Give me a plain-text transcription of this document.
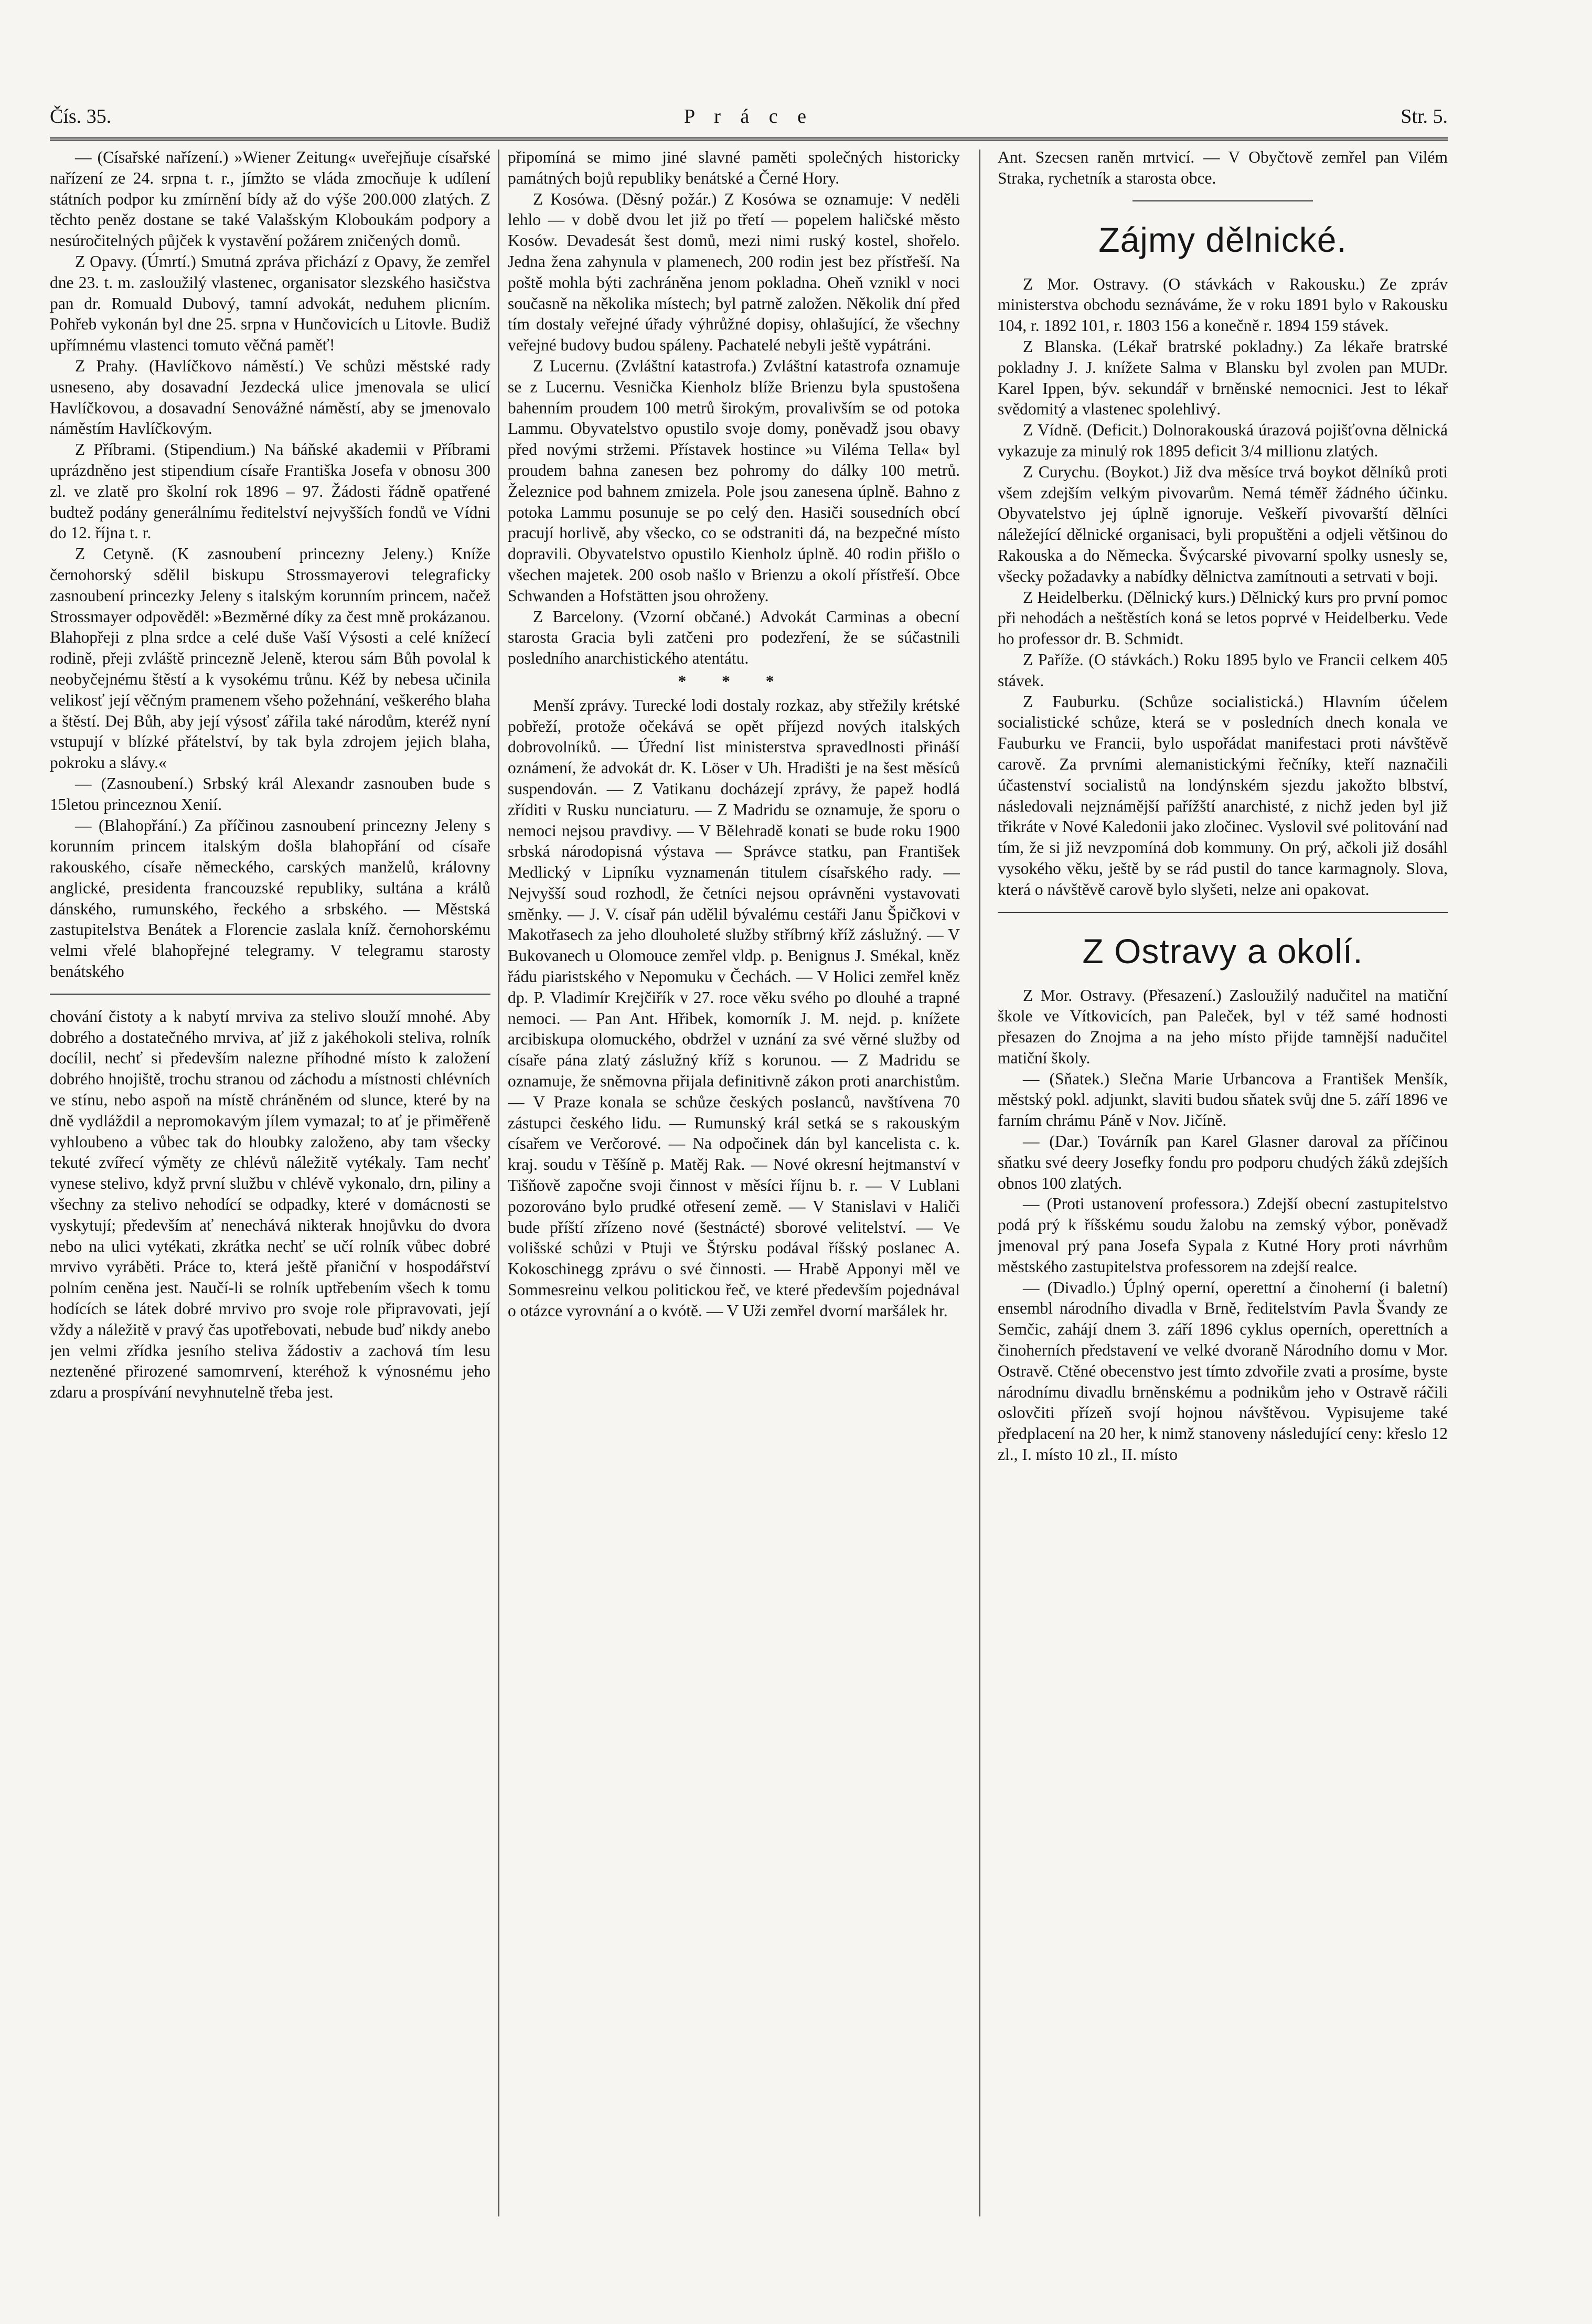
Čís. 35.	P r á c e	Str. 5.

— (Císařské nařízení.) »Wiener Zeitung« uveřejňuje císařské nařízení ze 24. srpna t. r., jímžto se vláda zmocňuje k udílení státních podpor ku zmírnění bídy až do výše 200.000 zlatých. Z těchto peněz dostane se také Valašským Kloboukám podpory a nesúročitelných půjček k vystavění požárem zničených domů.

Z Opavy. (Úmrtí.) Smutná zpráva přichází z Opavy, že zemřel dne 23. t. m. zasloužilý vlastenec, organisator slezského hasičstva pan dr. Romuald Dubový, tamní advokát, neduhem plicním. Pohřeb vykonán byl dne 25. srpna v Hunčovicích u Litovle. Budiž upřímnému vlastenci tomuto věčná paměť!

Z Prahy. (Havlíčkovo náměstí.) Ve schůzi městské rady usneseno, aby dosavadní Jezdecká ulice jmenovala se ulicí Havlíčkovou, a dosavadní Senovážné náměstí, aby se jmenovalo náměstím Havlíčkovým.

Z Příbrami. (Stipendium.) Na báňské akademii v Příbrami uprázdněno jest stipendium císaře Františka Josefa v obnosu 300 zl. ve zlatě pro školní rok 1896 – 97. Žádosti řádně opatřené budtež podány generálnímu ředitelství nejvyšších fondů ve Vídni do 12. října t. r.

Z Cetyně. (K zasnoubení princezny Jeleny.) Kníže černohorský sdělil biskupu Strossmayerovi telegraficky zasnoubení princezky Jeleny s italským korunním princem, načež Strossmayer odpověděl: »Bezměrné díky za čest mně prokázanou. Blahopřeji z plna srdce a celé duše Vaší Výsosti a celé knížecí rodině, přeji zvláště princezně Jeleně, kterou sám Bůh povolal k neobyčejnému štěstí a k vysokému trůnu. Kéž by nebesa učinila velikosť její věčným pramenem všeho požehnání, veškerého blaha a štěstí. Dej Bůh, aby její výsosť zářila také národům, kteréž nyní vstupují v blízké přátelství, by tak byla zdrojem jejich blaha, pokroku a slávy.«

— (Zasnoubení.) Srbský král Alexandr zasnouben bude s 15letou princeznou Xenií.

— (Blahopřání.) Za příčinou zasnoubení princezny Jeleny s korunním princem italským došla blahopřání od císaře rakouského, císaře německého, carských manželů, královny anglické, presidenta francouzské republiky, sultána a králů dánského, rumunského, řeckého a srbského. — Městská zastupitelstva Benátek a Florencie zaslala kníž. černohorskému velmi vřelé blahopřejné telegramy. V telegramu starosty benátského

chování čistoty a k nabytí mrviva za stelivo slouží mnohé. Aby dobrého a dostatečného mrviva, ať již z jakéhokoli steliva, rolník docílil, nechť si především nalezne příhodné místo k založení dobrého hnojiště, trochu stranou od záchodu a místnosti chlévních ve stínu, nebo aspoň na místě chráněném od slunce, které by na dně vydláždil a nepromokavým jílem vymazal; to ať je přiměřeně vyhloubeno a vůbec tak do hloubky založeno, aby tam všecky tekuté zvířecí výměty ze chlévů náležitě vytékaly. Tam nechť vynese stelivo, když první službu v chlévě vykonalo, drn, piliny a všechny za stelivo nehodící se odpadky, které v domácnosti se vyskytují; především ať nenechává nikterak hnojůvku do dvora nebo na ulici vytékati, zkrátka nechť se učí rolník vůbec dobré mrvivo vyráběti. Práce to, která ještě přaniční v hospodářství polním ceněna jest. Naučí-li se rolník uptřebením všech k tomu hodících se látek dobré mrvivo pro svoje role připravovati, její vždy a náležitě v pravý čas upotřebovati, nebude buď nikdy anebo jen velmi zřídka jesního steliva žádostiv a zachová tím lesu nezteněné přirozené samomrvení, kteréhož k výnosnému jeho zdaru a prospívání nevyhnutelně třeba jest.

připomíná se mimo jiné slavné paměti společných historicky památných bojů republiky benátské a Černé Hory.

Z Kosówa. (Děsný požár.) Z Kosówa se oznamuje: V neděli lehlo — v době dvou let již po třetí — popelem haličské město Kosów. Devadesát šest domů, mezi nimi ruský kostel, shořelo. Jedna žena zahynula v plamenech, 200 rodin jest bez přístřeší. Na poště mohla býti zachráněna jenom pokladna. Oheň vznikl v noci současně na několika místech; byl patrně založen. Několik dní před tím dostaly veřejné úřady výhrůžné dopisy, ohlašující, že všechny veřejné budovy budou spáleny. Pachatelé nebyli ještě vypátráni.

Z Lucernu. (Zvláštní katastrofa.) Zvláštní katastrofa oznamuje se z Lucernu. Vesnička Kienholz blíže Brienzu byla spustošena bahenním proudem 100 metrů širokým, provalivším se od potoka Lammu. Obyvatelstvo opustilo svoje domy, poněvadž jsou obavy před novými stržemi. Přístavek hostince »u Viléma Tella« byl proudem bahna zanesen bez pohromy do dálky 100 metrů. Železnice pod bahnem zmizela. Pole jsou zanesena úplně. Bahno z potoka Lammu posunuje se po celý den. Hasiči sousedních obcí pracují horlivě, aby všecko, co se odstraniti dá, na bezpečné místo dopravili. Obyvatelstvo opustilo Kienholz úplně. 40 rodin přišlo o všechen majetek. 200 osob našlo v Brienzu a okolí přístřeší. Obce Schwanden a Hofstätten jsou ohroženy.

Z Barcelony. (Vzorní občané.) Advokát Carminas a obecní starosta Gracia byli zatčeni pro podezření, že se súčastnili posledního anarchistického atentátu.

* * *

Menší zprávy. Turecké lodi dostaly rozkaz, aby střežily krétské pobřeží, protože očekává se opět příjezd nových italských dobrovolníků. — Úřední list ministerstva spravedlnosti přináší oznámení, že advokát dr. K. Löser v Uh. Hradišti je na šest měsíců suspendován. — Z Vatikanu docházejí zprávy, že papež hodlá zříditi v Rusku nunciaturu. — Z Madridu se oznamuje, že sporu o nemoci nejsou pravdivy. — V Bělehradě konati se bude roku 1900 srbská národopisná výstava — Správce statku, pan František Medlický v Lipníku vyznamenán titulem císařského rady. — Nejvyšší soud rozhodl, že četníci nejsou oprávněni vystavovati směnky. — J. V. císař pán udělil bývalému cestáři Janu Špičkovi v Makotřasech za jeho dlouholeté služby stříbrný kříž záslužný. — V Bukovanech u Olomouce zemřel vldp. p. Benignus J. Smékal, kněz řádu piaristského v Nepomuku v Čechách. — V Holici zemřel kněz dp. P. Vladimír Krejčiřík v 27. roce věku svého po dlouhé a trapné nemoci. — Pan Ant. Hřibek, komorník J. M. nejd. p. knížete arcibiskupa olomuckého, obdržel v uznání za své věrné služby od císaře pána zlatý záslužný kříž s korunou. — Z Madridu se oznamuje, že sněmovna přijala definitivně zákon proti anarchistům. — V Praze konala se schůze českých poslanců, navštívena 70 zástupci českého lidu. — Rumunský král setká se s rakouským císařem ve Verčorové. — Na odpočinek dán byl kancelista c. k. kraj. soudu v Těšíně p. Matěj Rak. — Nové okresní hejtmanství v Tišňově započne svoji činnost v měsíci říjnu b. r. — V Lublani pozorováno bylo prudké otřesení země. — V Stanislavi v Haliči bude příští zřízeno nové (šestnácté) sborové velitelství. — Ve volišské schůzi v Ptuji ve Štýrsku podával říšský poslanec A. Kokoschinegg zprávu o své činnosti. — Hrabě Apponyi měl ve Sommesreinu velkou politickou řeč, ve které především pojednával o otázce vyrovnání a o kvótě. — V Uži zemřel dvorní maršálek hr.

Ant. Szecsen raněn mrtvicí. — V Obyčtově zemřel pan Vilém Straka, rychetník a starosta obce.

Zájmy dělnické.

Z Mor. Ostravy. (O stávkách v Rakousku.) Ze zpráv ministerstva obchodu seznáváme, že v roku 1891 bylo v Rakousku 104, r. 1892 101, r. 1803 156 a konečně r. 1894 159 stávek.

Z Blanska. (Lékař bratrské pokladny.) Za lékaře bratrské pokladny J. J. knížete Salma v Blansku byl zvolen pan MUDr. Karel Ippen, býv. sekundář v brněnské nemocnici. Jest to lékař svědomitý a vlastenec spolehlivý.

Z Vídně. (Deficit.) Dolnorakouská úrazová pojišťovna dělnická vykazuje za minulý rok 1895 deficit 3/4 millionu zlatých.

Z Curychu. (Boykot.) Již dva měsíce trvá boykot dělníků proti všem zdejším velkým pivovarům. Nemá téměř žádného účinku. Obyvatelstvo jej úplně ignoruje. Veškeří pivovarští dělníci náležející dělnické organisaci, byli propuštěni a odjeli většinou do Rakouska a do Německa. Švýcarské pivovarní spolky usnesly se, všecky požadavky a nabídky dělnictva zamítnouti a setrvati v boji.

Z Heidelberku. (Dělnický kurs.) Dělnický kurs pro první pomoc při nehodách a neštěstích koná se letos poprvé v Heidelberku. Vede ho professor dr. B. Schmidt.

Z Paříže. (O stávkách.) Roku 1895 bylo ve Francii celkem 405 stávek.

Z Fauburku. (Schůze socialistická.) Hlavním účelem socialistické schůze, která se v posledních dnech konala ve Fauburku ve Francii, bylo uspořádat manifestaci proti návštěvě carově. Za prvními alemanistickými řečníky, kteří naznačili účastenství socialistů na londýnském sjezdu jakožto blbství, následovali nejznámější pařížští anarchisté, z nichž jeden byl již třikráte v Nové Kaledonii jako zločinec. Vyslovil své politování nad tím, že si již nevzpomíná dob kommuny. On prý, ačkoli již dosáhl vysokého věku, ještě by se rád pustil do tance karmagnoly. Slova, která o návštěvě carově bylo slyšeti, nelze ani opakovat.

Z Ostravy a okolí.

Z Mor. Ostravy. (Přesazení.) Zasloužilý nadučitel na matiční škole ve Vítkovicích, pan Paleček, byl v též samé hodnosti přesazen do Znojma a na jeho místo přijde tamnější nadučitel matiční školy.

— (Sňatek.) Slečna Marie Urbancova a František Menšík, městský pokl. adjunkt, slaviti budou sňatek svůj dne 5. září 1896 ve farním chrámu Páně v Nov. Jičíně.

— (Dar.) Továrník pan Karel Glasner daroval za příčinou sňatku své deery Josefky fondu pro podporu chudých žáků zdejších obnos 100 zlatých.

— (Proti ustanovení professora.) Zdejší obecní zastupitelstvo podá prý k říšskému soudu žalobu na zemský výbor, poněvadž jmenoval prý pana Josefa Sypala z Kutné Hory proti návrhům městského zastupitelstva professorem na zdejší realce.

— (Divadlo.) Úplný operní, operettní a činoherní (i baletní) ensembl národního divadla v Brně, ředitelstvím Pavla Švandy ze Semčic, zahájí dnem 3. září 1896 cyklus operních, operettních a činoherních představení ve velké dvoraně Národního domu v Mor. Ostravě. Ctěné obecenstvo jest tímto zdvořile zvati a prosíme, byste národnímu divadlu brněnskému a podnikům jeho v Ostravě ráčili oslovčiti přízeň svojí hojnou návštěvou. Vypisujeme také předplacení na 20 her, k nimž stanoveny následující ceny: křeslo 12 zl., I. místo 10 zl., II. místo
